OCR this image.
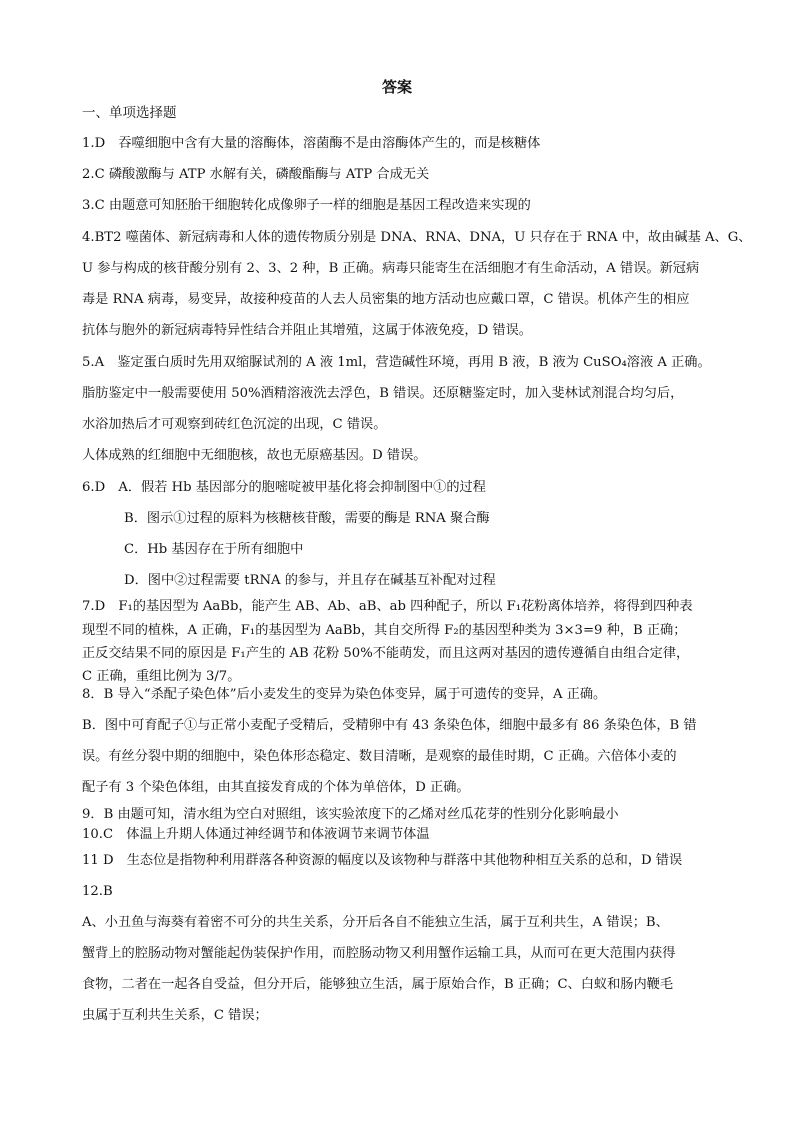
答案
一、单项选择题
1.D　吞噬细胞中含有大量的溶酶体，溶菌酶不是由溶酶体产生的，而是核糖体
2.C 磷酸激酶与 ATP 水解有关，磷酸酯酶与 ATP 合成无关
3.C 由题意可知胚胎干细胞转化成像卵子一样的细胞是基因工程改造来实现的
4.BT2 噬菌体、新冠病毒和人体的遗传物质分别是 DNA、RNA、DNA，U 只存在于 RNA 中，故由碱基 A、G、
U 参与构成的核苷酸分别有 2、3、2 种，B 正确。病毒只能寄生在活细胞才有生命活动，A 错误。新冠病
毒是 RNA 病毒，易变异，故接种疫苗的人去人员密集的地方活动也应戴口罩，C 错误。机体产生的相应
抗体与胞外的新冠病毒特异性结合并阻止其增殖，这属于体液免疫，D 错误。
5.A　鉴定蛋白质时先用双缩脲试剂的 A 液 1ml，营造碱性环境，再用 B 液，B 液为 CuSO₄溶液 A 正确。
脂肪鉴定中一般需要使用 50%酒精溶液洗去浮色，B 错误。还原糖鉴定时，加入斐林试剂混合均匀后，
水浴加热后才可观察到砖红色沉淀的出现，C 错误。
人体成熟的红细胞中无细胞核，故也无原癌基因。D 错误。
6.D　A．假若 Hb 基因部分的胞嘧啶被甲基化将会抑制图中①的过程
B．图示①过程的原料为核糖核苷酸，需要的酶是 RNA 聚合酶
C．Hb 基因存在于所有细胞中
D．图中②过程需要 tRNA 的参与，并且存在碱基互补配对过程
7.D　F₁的基因型为 AaBb，能产生 AB、Ab、aB、ab 四种配子，所以 F₁花粉离体培养，将得到四种表
现型不同的植株，A 正确，F₁的基因型为 AaBb，其自交所得 F₂的基因型种类为 3×3=9 种，B 正确；
正反交结果不同的原因是 F₁产生的 AB 花粉 50%不能萌发，而且这两对基因的遗传遵循自由组合定律，
C 正确，重组比例为 3/7。
8．B 导入“杀配子染色体”后小麦发生的变异为染色体变异，属于可遗传的变异，A 正确。
B．图中可育配子①与正常小麦配子受精后，受精卵中有 43 条染色体，细胞中最多有 86 条染色体，B 错
误。有丝分裂中期的细胞中，染色体形态稳定、数目清晰，是观察的最佳时期，C 正确。六倍体小麦的
配子有 3 个染色体组，由其直接发育成的个体为单倍体，D 正确。
9．B 由题可知，清水组为空白对照组，该实验浓度下的乙烯对丝瓜花芽的性别分化影响最小
10.C　体温上升期人体通过神经调节和体液调节来调节体温
11 D　生态位是指物种利用群落各种资源的幅度以及该物种与群落中其他物种相互关系的总和，D 错误
12.B
A、小丑鱼与海葵有着密不可分的共生关系，分开后各自不能独立生活，属于互利共生，A 错误；B、
蟹背上的腔肠动物对蟹能起伪装保护作用，而腔肠动物又利用蟹作运输工具，从而可在更大范围内获得
食物，二者在一起各自受益，但分开后，能够独立生活，属于原始合作，B 正确；C、白蚁和肠内鞭毛
虫属于互利共生关系，C 错误；
